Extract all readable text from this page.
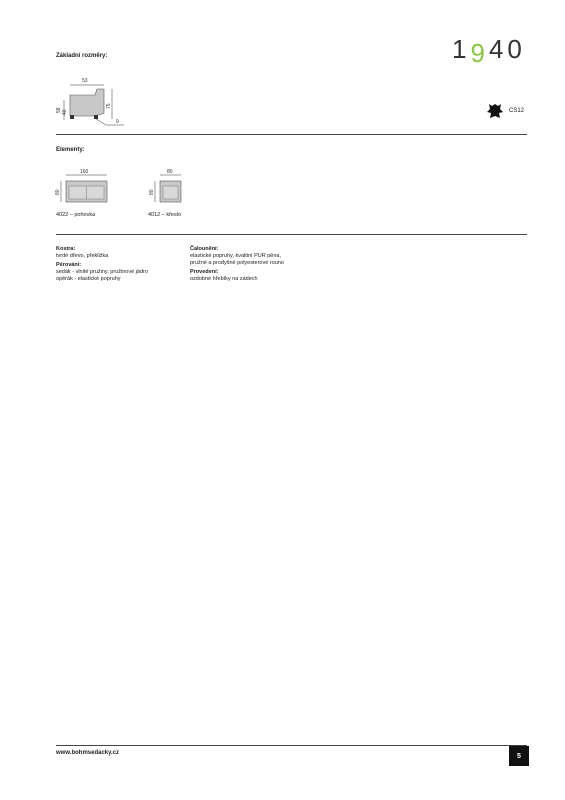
Základní rozměry:	1940
53
58 40
75
9
CS12
Elementy:
160
80
4022 – pohovka
80
80
4012 – křeslo
Kostra:
tvrdé dřevo, překližka
Pérování:
sedák - vlnité pružiny, pružinové jádro
opěrák - elastické popruhy
Čalounění:
elastické popruhy, kvalitní PUR pěna,
pružné a prodyšné polyesterové rouno
Provedení:
ozdobné hřebíky na zádech
www.bohmsedacky.cz	5
